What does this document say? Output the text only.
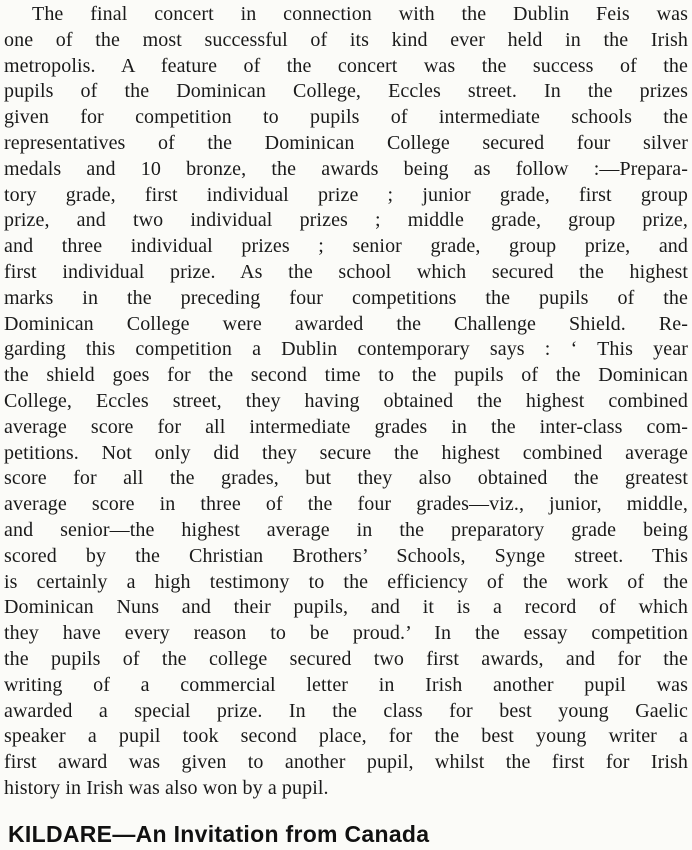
The final concert in connection with the Dublin Feis was
one of the most successful of its kind ever held in the Irish
metropolis. A feature of the concert was the success of the
pupils of the Dominican College, Eccles street. In the prizes
given for competition to pupils of intermediate schools the
representatives of the Dominican College secured four silver
medals and 10 bronze, the awards being as follow :—Prepara-
tory grade, first individual prize ; junior grade, first group
prize, and two individual prizes ; middle grade, group prize,
and three individual prizes ; senior grade, group prize, and
first individual prize. As the school which secured the highest
marks in the preceding four competitions the pupils of the
Dominican College were awarded the Challenge Shield. Re-
garding this competition a Dublin contemporary says : ‘ This year
the shield goes for the second time to the pupils of the Dominican
College, Eccles street, they having obtained the highest combined
average score for all intermediate grades in the inter-class com-
petitions. Not only did they secure the highest combined average
score for all the grades, but they also obtained the greatest
average score in three of the four grades—viz., junior, middle,
and senior—the highest average in the preparatory grade being
scored by the Christian Brothers’ Schools, Synge street. This
is certainly a high testimony to the efficiency of the work of the
Dominican Nuns and their pupils, and it is a record of which
they have every reason to be proud.’ In the essay competition
the pupils of the college secured two first awards, and for the
writing of a commercial letter in Irish another pupil was
awarded a special prize. In the class for best young Gaelic
speaker a pupil took second place, for the best young writer a
first award was given to another pupil, whilst the first for Irish
history in Irish was also won by a pupil.
KILDARE—An Invitation from Canada
